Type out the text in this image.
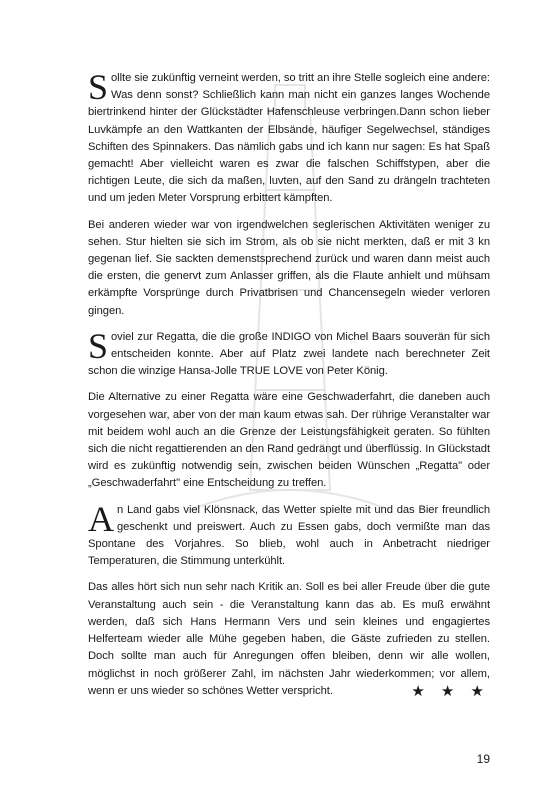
Sollte sie zukünftig verneint werden, so tritt an ihre Stelle sogleich eine andere: Was denn sonst? Schließlich kann man nicht ein ganzes langes Wochende biertrinkend hinter der Glückstädter Hafenschleuse verbringen.Dann schon lieber Luvkämpfe an den Wattkanten der Elbsände, häufiger Segelwechsel, ständiges Schiften des Spinnakers. Das nämlich gabs und ich kann nur sagen: Es hat Spaß gemacht! Aber vielleicht waren es zwar die falschen Schiffstypen, aber die richtigen Leute, die sich da maßen, luvten, auf den Sand zu drängeln trachteten und um jeden Meter Vorsprung erbittert kämpften.

Bei anderen wieder war von irgendwelchen seglerischen Aktivitäten weniger zu sehen. Stur hielten sie sich im Strom, als ob sie nicht merkten, daß er mit 3 kn gegenan lief. Sie sackten demenstsprechend zurück und waren dann meist auch die ersten, die genervt zum Anlasser griffen, als die Flaute anhielt und mühsam erkämpfte Vorsprünge durch Privatbrisen und Chancensegeln wieder verloren gingen.

Soviel zur Regatta, die die große INDIGO von Michel Baars souverän für sich entscheiden konnte. Aber auf Platz zwei landete nach berechneter Zeit schon die winzige Hansa-Jolle TRUE LOVE von Peter König.

Die Alternative zu einer Regatta wäre eine Geschwaderfahrt, die daneben auch vorgesehen war, aber von der man kaum etwas sah. Der rührige Veranstalter war mit beidem wohl auch an die Grenze der Leistungsfähigkeit geraten. So fühlten sich die nicht regattierenden an den Rand gedrängt und überflüssig. In Glückstadt wird es zukünftig notwendig sein, zwischen beiden Wünschen „Regatta" oder „Geschwaderfahrt" eine Entscheidung zu treffen.

An Land gabs viel Klönsnack, das Wetter spielte mit und das Bier freundlich geschenkt und preiswert. Auch zu Essen gabs, doch vermißte man das Spontane des Vorjahres. So blieb, wohl auch in Anbetracht niedriger Temperaturen, die Stimmung unterkühlt.

Das alles hört sich nun sehr nach Kritik an. Soll es bei aller Freude über die gute Veranstaltung auch sein - die Veranstaltung kann das ab. Es muß erwähnt werden, daß sich Hans Hermann Vers und sein kleines und engagiertes Helferteam wieder alle Mühe gegeben haben, die Gäste zufrieden zu stellen. Doch sollte man auch für Anregungen offen bleiben, denn wir alle wollen, möglichst in noch größerer Zahl, im nächsten Jahr wiederkommen; vor allem, wenn er uns wieder so schönes Wetter verspricht.	★ ★ ★

19
